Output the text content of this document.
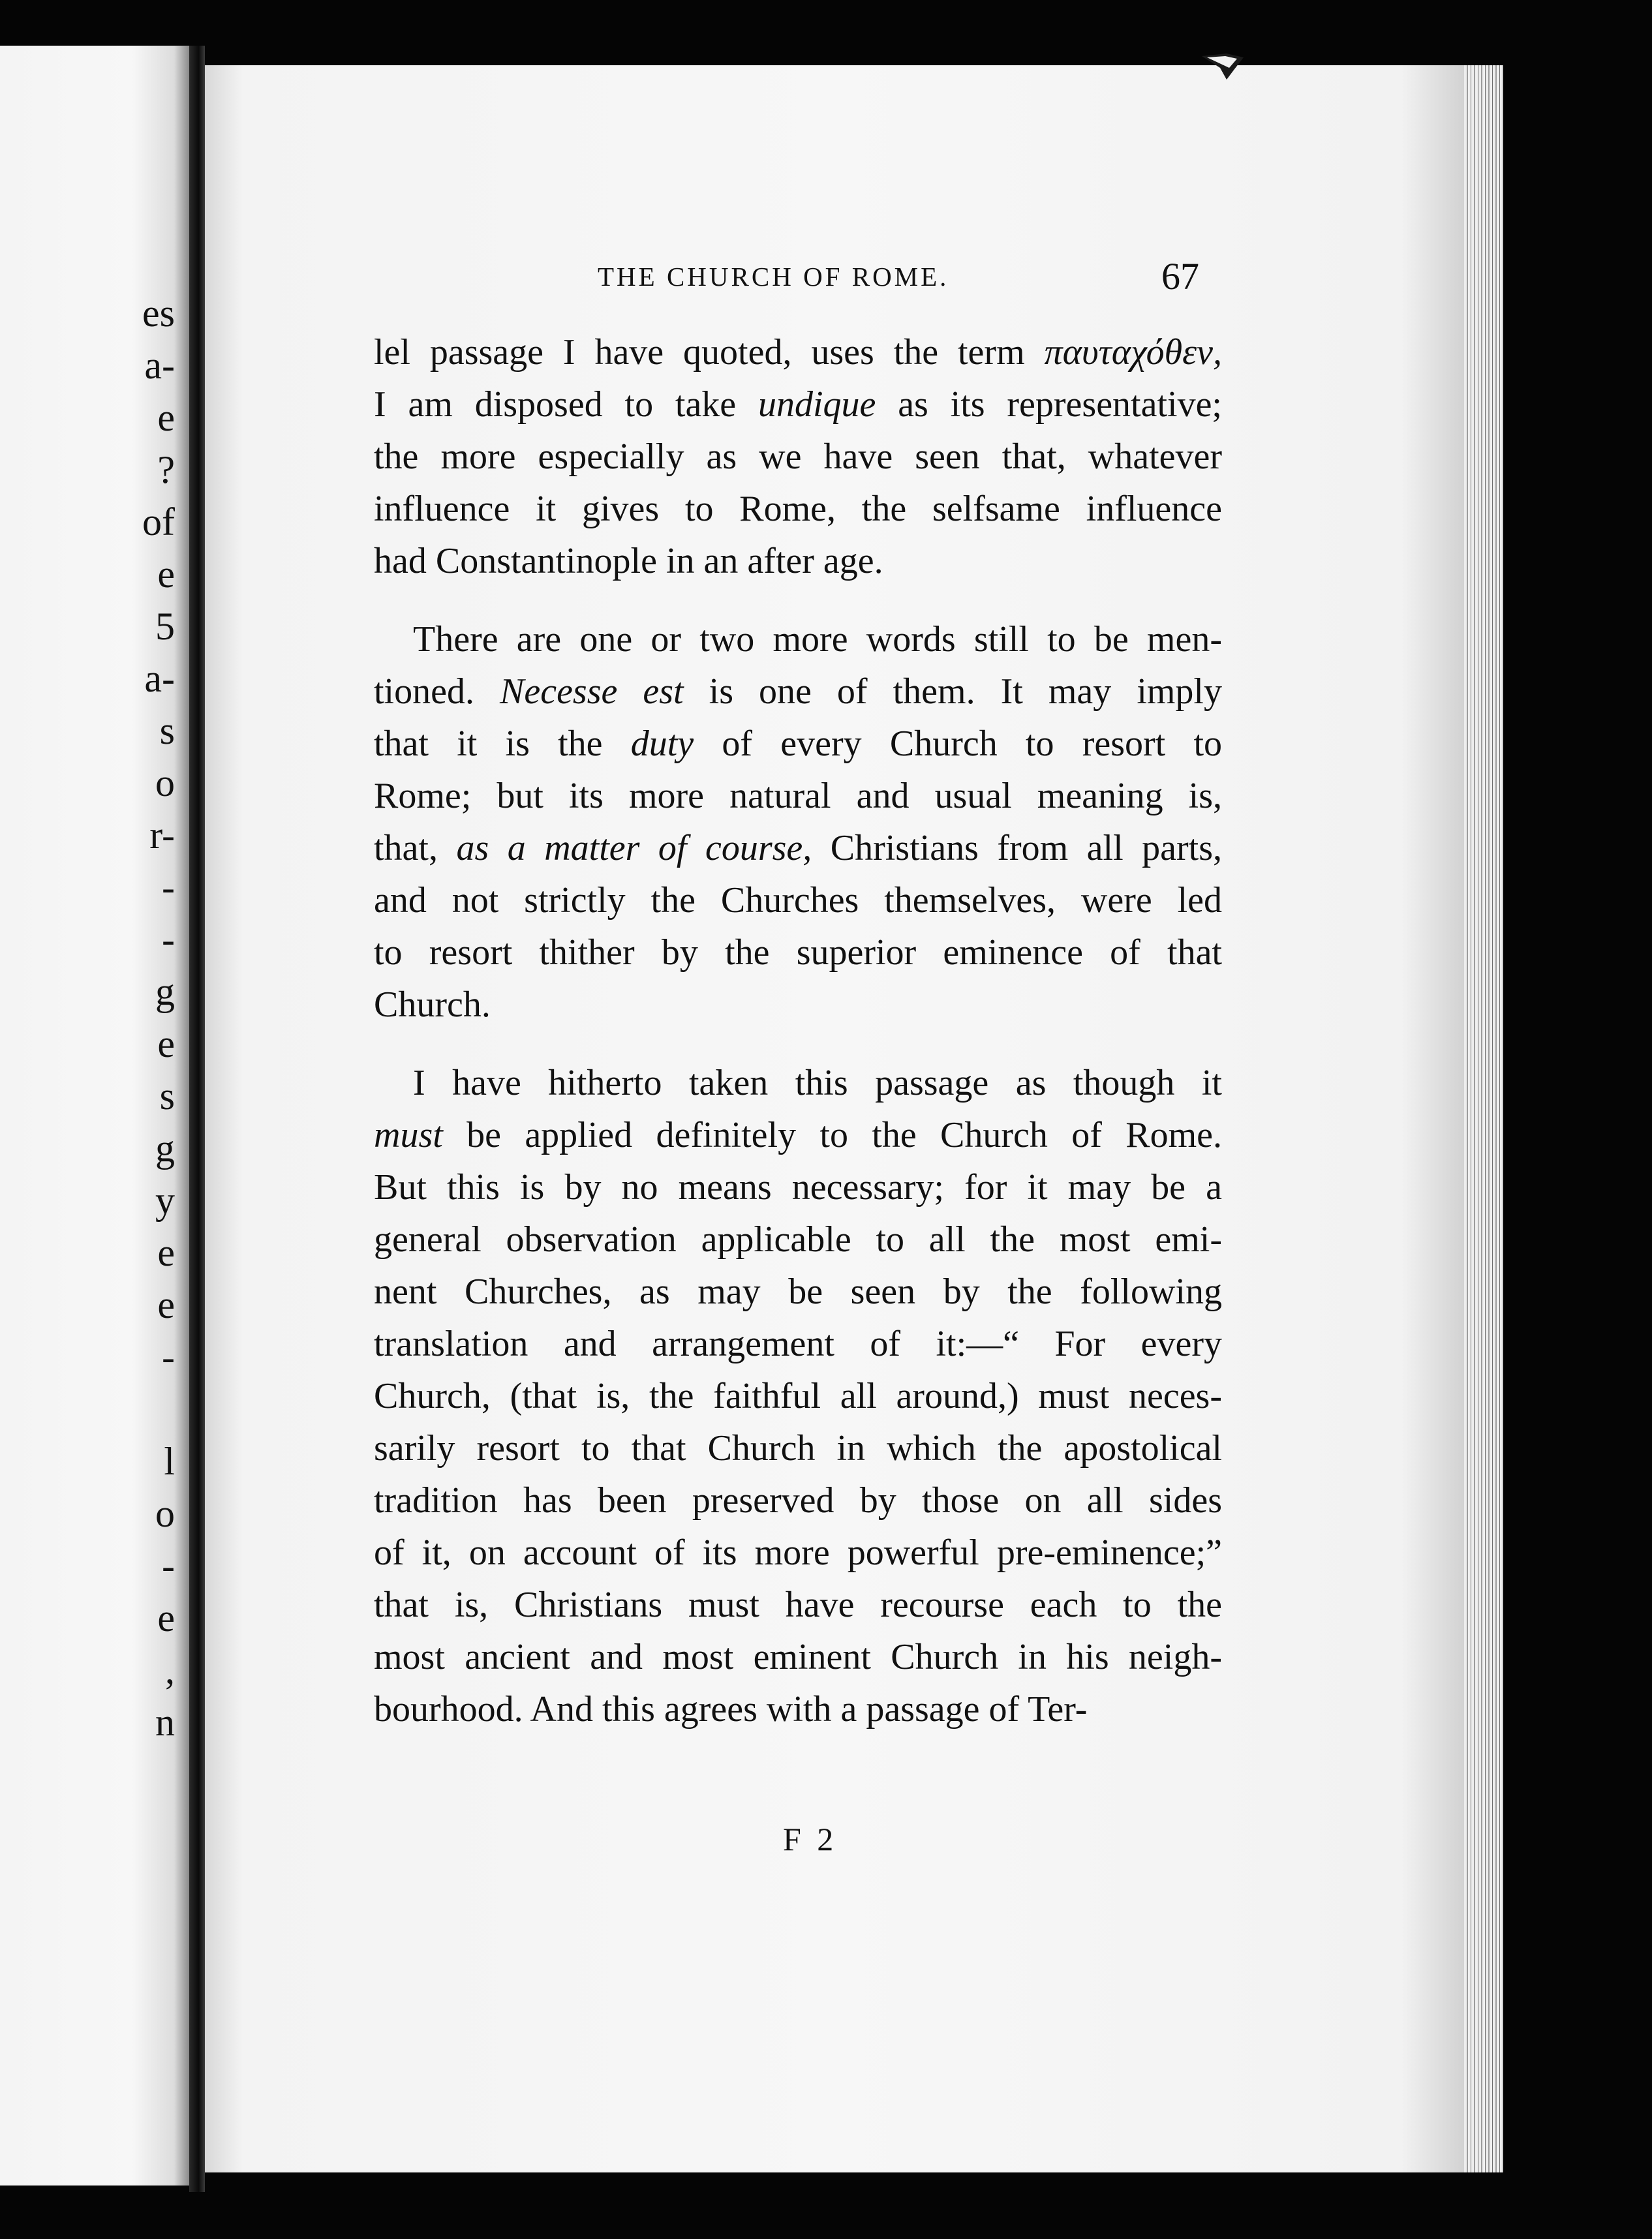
es
a-
e
?
of
e
5
a-
s
o
r-
-
-
g
e
s
g
y
e
e
-
l
o
-
e
,
n
THE CHURCH OF ROME.	67
lel passage I have quoted, uses the term παυταχόθεν,
I am disposed to take undique as its representative;
the more especially as we have seen that, whatever
influence it gives to Rome, the selfsame influence
had Constantinople in an after age.
There are one or two more words still to be men-
tioned. Necesse est is one of them. It may imply
that it is the duty of every Church to resort to
Rome; but its more natural and usual meaning is,
that, as a matter of course, Christians from all parts,
and not strictly the Churches themselves, were led
to resort thither by the superior eminence of that
Church.
I have hitherto taken this passage as though it
must be applied definitely to the Church of Rome.
But this is by no means necessary; for it may be a
general observation applicable to all the most emi-
nent Churches, as may be seen by the following
translation and arrangement of it:—“ For every
Church, (that is, the faithful all around,) must neces-
sarily resort to that Church in which the apostolical
tradition has been preserved by those on all sides
of it, on account of its more powerful pre-eminence;”
that is, Christians must have recourse each to the
most ancient and most eminent Church in his neigh-
bourhood. And this agrees with a passage of Ter-
F 2
